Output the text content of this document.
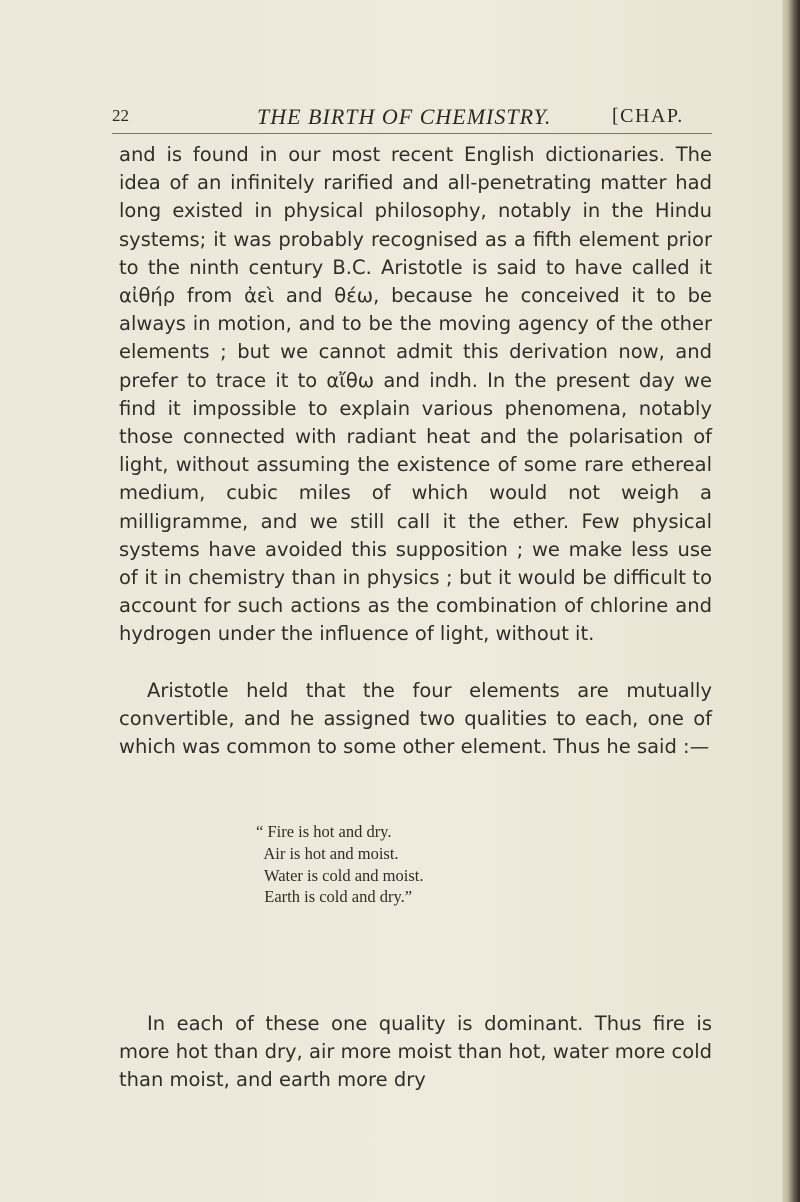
22	THE BIRTH OF CHEMISTRY.	[CHAP.

and is found in our most recent English dictionaries. The idea of an infinitely rarified and all-penetrating matter had long existed in physical philosophy, notably in the Hindu systems; it was probably recognised as a fifth element prior to the ninth century B.C. Aristotle is said to have called it αἰθήρ from ἀεὶ and θέω, because he conceived it to be always in motion, and to be the moving agency of the other elements ; but we cannot admit this derivation now, and prefer to trace it to αἴθω and indh. In the present day we find it impossible to explain various phenomena, notably those connected with radiant heat and the polarisation of light, without assuming the existence of some rare ethereal medium, cubic miles of which would not weigh a milligramme, and we still call it the ether. Few physical systems have avoided this supposition ; we make less use of it in chemistry than in physics ; but it would be difficult to account for such actions as the combination of chlorine and hydrogen under the influence of light, without it.

Aristotle held that the four elements are mutually convertible, and he assigned two qualities to each, one of which was common to some other element. Thus he said :—

“ Fire is hot and dry.
Air is hot and moist.
Water is cold and moist.
Earth is cold and dry.”

In each of these one quality is dominant. Thus fire is more hot than dry, air more moist than hot, water more cold than moist, and earth more dry
